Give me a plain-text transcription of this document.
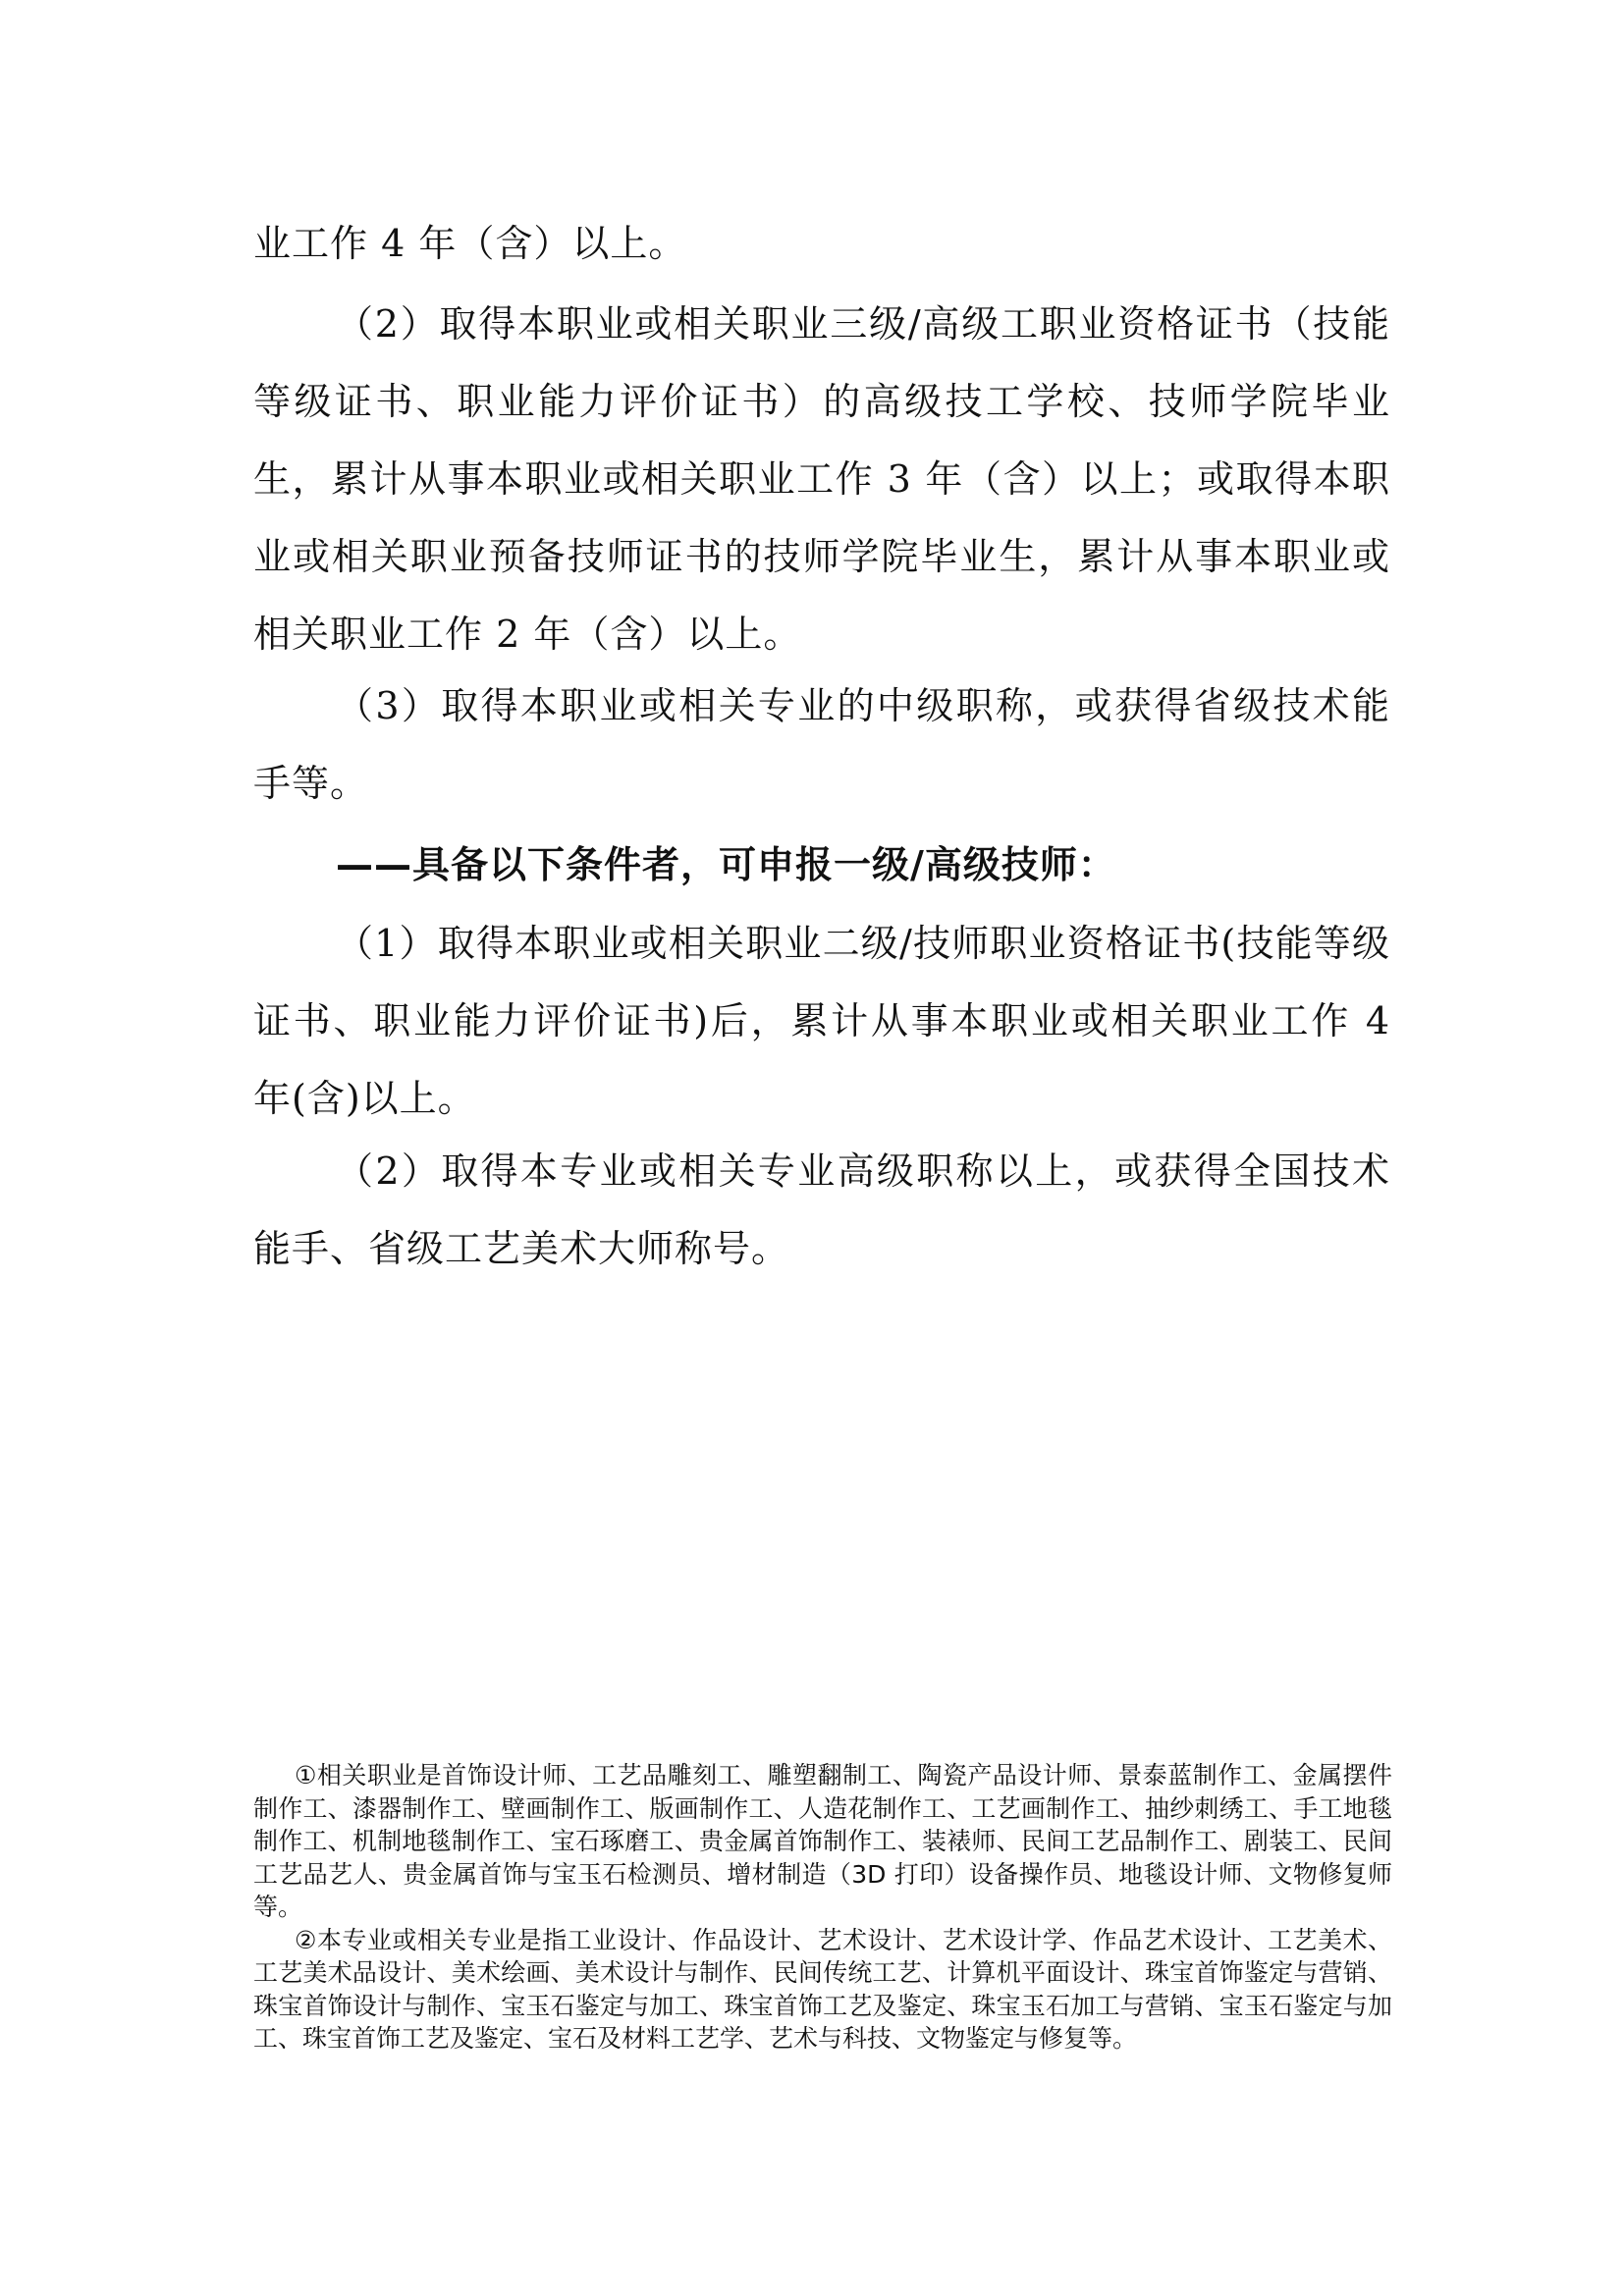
业工作 4 年（含）以上。

（2）取得本职业或相关职业三级/高级工职业资格证书（技能等级证书、职业能力评价证书）的高级技工学校、技师学院毕业生，累计从事本职业或相关职业工作 3 年（含）以上；或取得本职业或相关职业预备技师证书的技师学院毕业生，累计从事本职业或相关职业工作 2 年（含）以上。

（3）取得本职业或相关专业的中级职称，或获得省级技术能手等。

——具备以下条件者，可申报一级/高级技师：

（1）取得本职业或相关职业二级/技师职业资格证书(技能等级证书、职业能力评价证书)后，累计从事本职业或相关职业工作 4 年(含)以上。

（2）取得本专业或相关专业高级职称以上，或获得全国技术能手、省级工艺美术大师称号。

①相关职业是首饰设计师、工艺品雕刻工、雕塑翻制工、陶瓷产品设计师、景泰蓝制作工、金属摆件制作工、漆器制作工、壁画制作工、版画制作工、人造花制作工、工艺画制作工、抽纱刺绣工、手工地毯制作工、机制地毯制作工、宝石琢磨工、贵金属首饰制作工、装裱师、民间工艺品制作工、剧装工、民间工艺品艺人、贵金属首饰与宝玉石检测员、增材制造（3D 打印）设备操作员、地毯设计师、文物修复师等。

②本专业或相关专业是指工业设计、作品设计、艺术设计、艺术设计学、作品艺术设计、工艺美术、工艺美术品设计、美术绘画、美术设计与制作、民间传统工艺、计算机平面设计、珠宝首饰鉴定与营销、珠宝首饰设计与制作、宝玉石鉴定与加工、珠宝首饰工艺及鉴定、珠宝玉石加工与营销、宝玉石鉴定与加工、珠宝首饰工艺及鉴定、宝石及材料工艺学、艺术与科技、文物鉴定与修复等。
